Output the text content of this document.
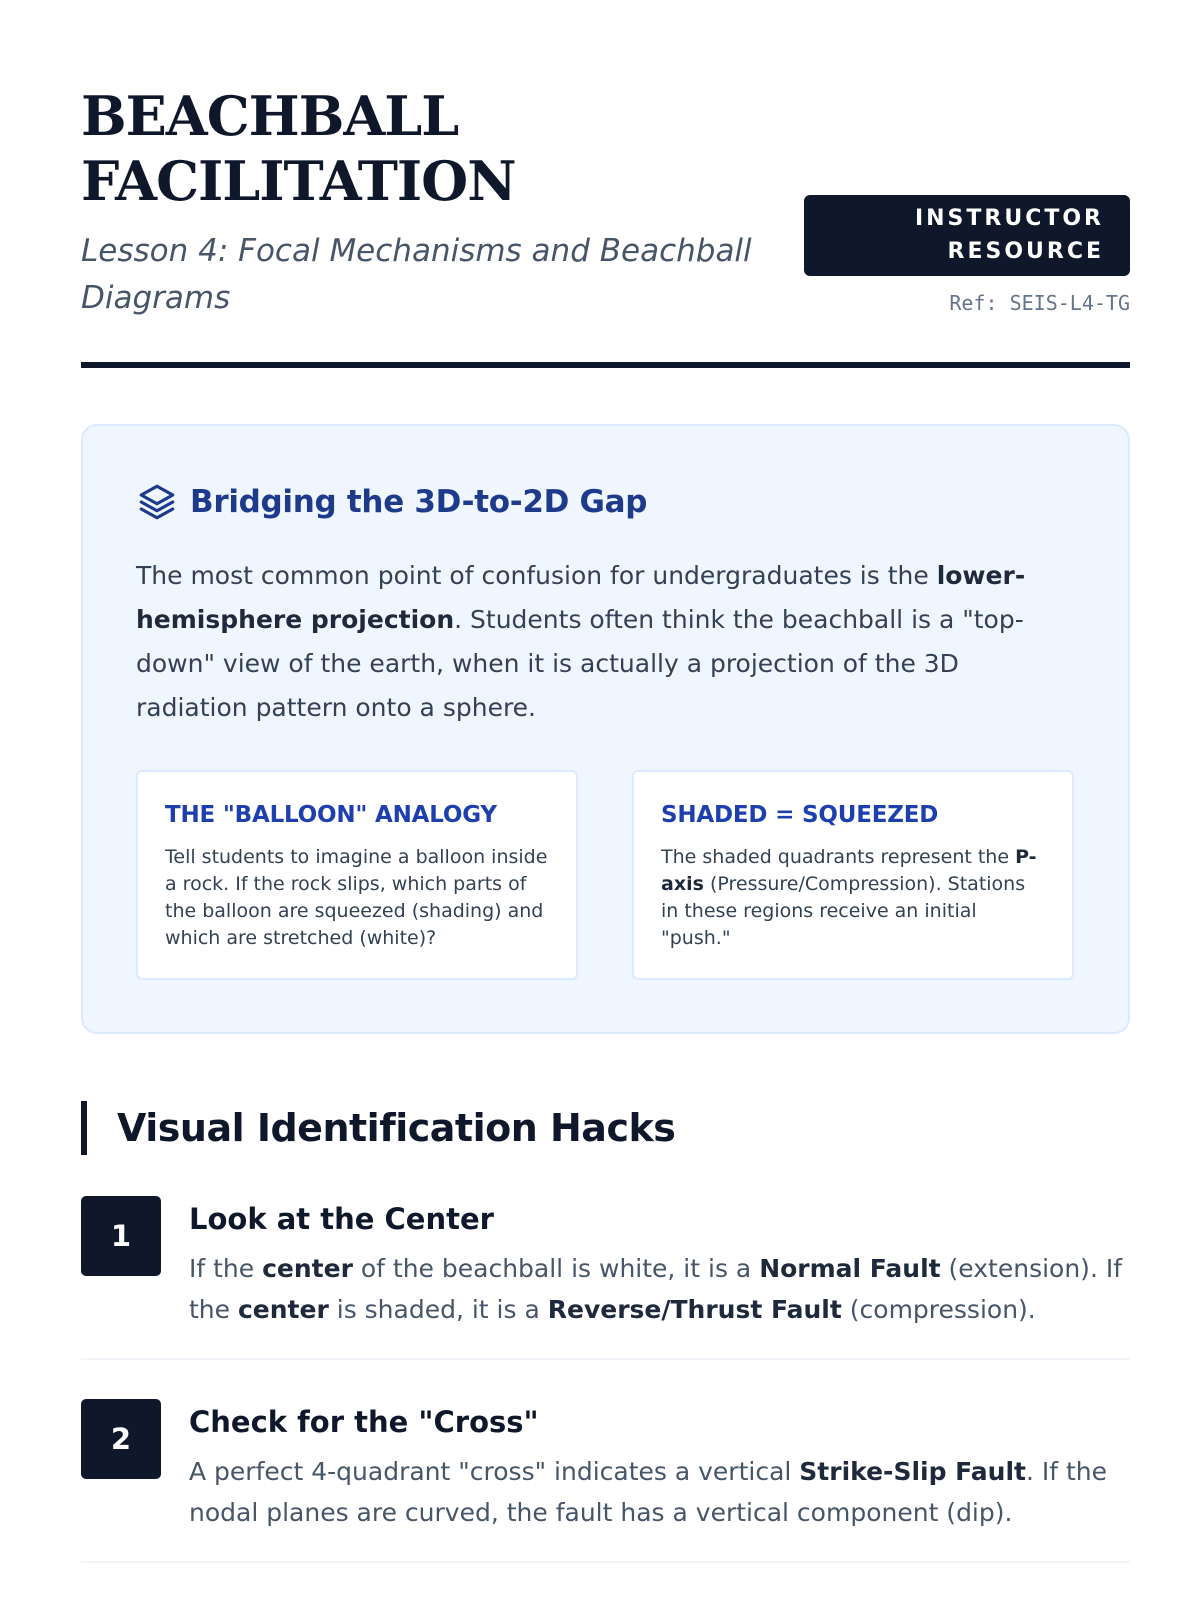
BEACHBALL FACILITATION
Lesson 4: Focal Mechanisms and Beachball Diagrams
INSTRUCTOR RESOURCE
Ref: SEIS-L4-TG
Bridging the 3D-to-2D Gap

The most common point of confusion for undergraduates is the lower-hemisphere projection. Students often think the beachball is a "top-down" view of the earth, when it is actually a projection of the 3D radiation pattern onto a sphere.

THE "BALLOON" ANALOGY

Tell students to imagine a balloon inside a rock. If the rock slips, which parts of the balloon are squeezed (shading) and which are stretched (white)?

SHADED = SQUEEZED

The shaded quadrants represent the P-axis (Pressure/Compression). Stations in these regions receive an initial "push."

Visual Identification Hacks
1	Look at the Center

If the center of the beachball is white, it is a Normal Fault (extension). If the center is shaded, it is a Reverse/Thrust Fault (compression).

2	Check for the "Cross"

A perfect 4-quadrant "cross" indicates a vertical Strike-Slip Fault. If the nodal planes are curved, the fault has a vertical component (dip).
